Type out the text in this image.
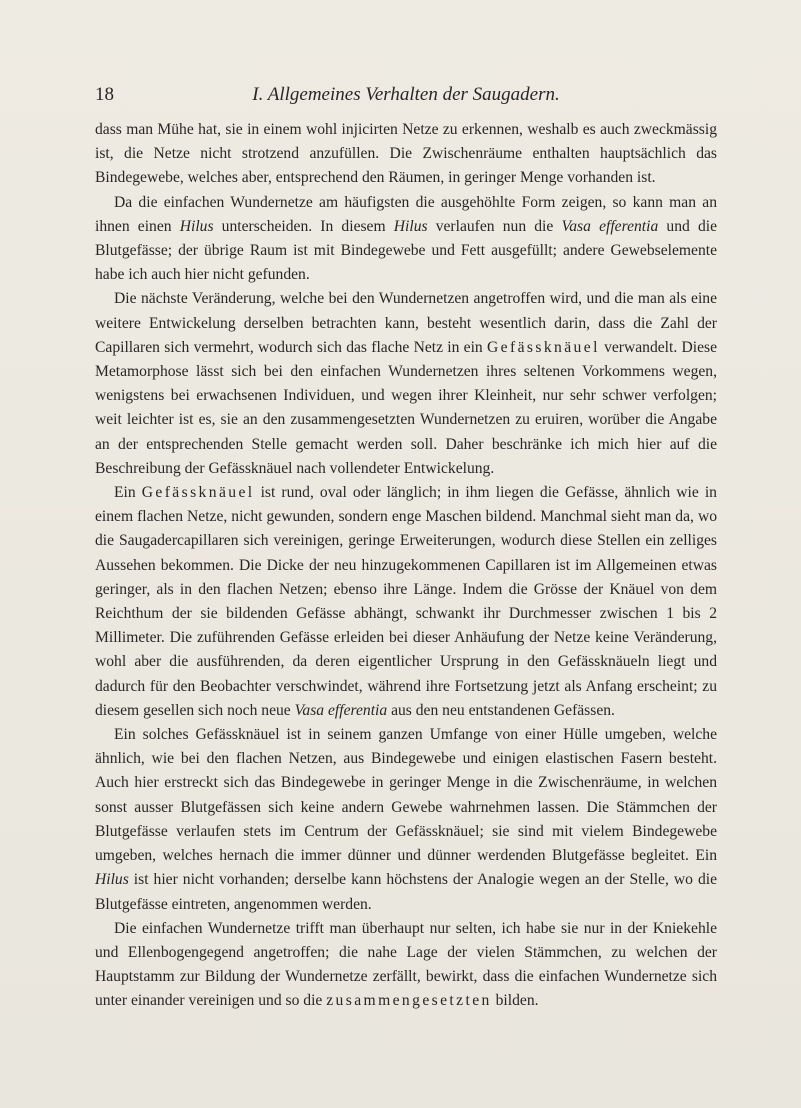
18	I. Allgemeines Verhalten der Saugadern.

dass man Mühe hat, sie in einem wohl injicirten Netze zu erkennen, weshalb es auch zweckmässig ist, die Netze nicht strotzend anzufüllen. Die Zwischenräume enthalten hauptsächlich das Bindegewebe, welches aber, entsprechend den Räumen, in geringer Menge vorhanden ist.

Da die einfachen Wundernetze am häufigsten die ausgehöhlte Form zeigen, so kann man an ihnen einen Hilus unterscheiden. In diesem Hilus verlaufen nun die Vasa efferentia und die Blutgefässe; der übrige Raum ist mit Bindegewebe und Fett ausgefüllt; andere Gewebselemente habe ich auch hier nicht gefunden.

Die nächste Veränderung, welche bei den Wundernetzen angetroffen wird, und die man als eine weitere Entwickelung derselben betrachten kann, besteht wesentlich darin, dass die Zahl der Capillaren sich vermehrt, wodurch sich das flache Netz in ein Gefässknäuel verwandelt. Diese Metamorphose lässt sich bei den einfachen Wundernetzen ihres seltenen Vorkommens wegen, wenigstens bei erwachsenen Individuen, und wegen ihrer Kleinheit, nur sehr schwer verfolgen; weit leichter ist es, sie an den zusammengesetzten Wundernetzen zu eruiren, worüber die Angabe an der entsprechenden Stelle gemacht werden soll. Daher beschränke ich mich hier auf die Beschreibung der Gefässknäuel nach vollendeter Entwickelung.

Ein Gefässknäuel ist rund, oval oder länglich; in ihm liegen die Gefässe, ähnlich wie in einem flachen Netze, nicht gewunden, sondern enge Maschen bildend. Manchmal sieht man da, wo die Saugadercapillaren sich vereinigen, geringe Erweiterungen, wodurch diese Stellen ein zelliges Aussehen bekommen. Die Dicke der neu hinzugekommenen Capillaren ist im Allgemeinen etwas geringer, als in den flachen Netzen; ebenso ihre Länge. Indem die Grösse der Knäuel von dem Reichthum der sie bildenden Gefässe abhängt, schwankt ihr Durchmesser zwischen 1 bis 2 Millimeter. Die zuführenden Gefässe erleiden bei dieser Anhäufung der Netze keine Veränderung, wohl aber die ausführenden, da deren eigentlicher Ursprung in den Gefässknäueln liegt und dadurch für den Beobachter verschwindet, während ihre Fortsetzung jetzt als Anfang erscheint; zu diesem gesellen sich noch neue Vasa efferentia aus den neu entstandenen Gefässen.

Ein solches Gefässknäuel ist in seinem ganzen Umfange von einer Hülle umgeben, welche ähnlich, wie bei den flachen Netzen, aus Bindegewebe und einigen elastischen Fasern besteht. Auch hier erstreckt sich das Bindegewebe in geringer Menge in die Zwischenräume, in welchen sonst ausser Blutgefässen sich keine andern Gewebe wahrnehmen lassen. Die Stämmchen der Blutgefässe verlaufen stets im Centrum der Gefässknäuel; sie sind mit vielem Bindegewebe umgeben, welches hernach die immer dünner und dünner werdenden Blutgefässe begleitet. Ein Hilus ist hier nicht vorhanden; derselbe kann höchstens der Analogie wegen an der Stelle, wo die Blutgefässe eintreten, angenommen werden.

Die einfachen Wundernetze trifft man überhaupt nur selten, ich habe sie nur in der Kniekehle und Ellenbogengegend angetroffen; die nahe Lage der vielen Stämmchen, zu welchen der Hauptstamm zur Bildung der Wundernetze zerfällt, bewirkt, dass die einfachen Wundernetze sich unter einander vereinigen und so die zusammengesetzten bilden.
